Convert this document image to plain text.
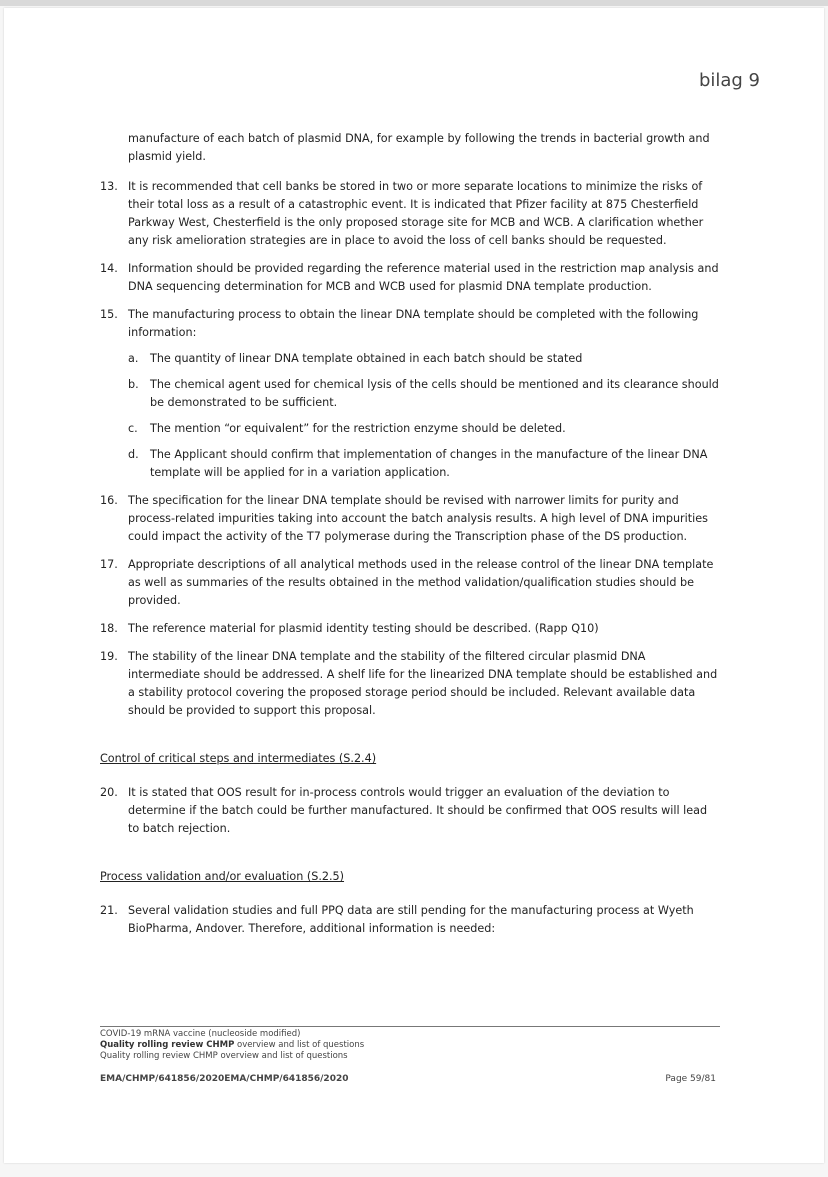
bilag 9

manufacture of each batch of plasmid DNA, for example by following the trends in bacterial growth and plasmid yield.

13. It is recommended that cell banks be stored in two or more separate locations to minimize the risks of their total loss as a result of a catastrophic event. It is indicated that Pfizer facility at 875 Chesterfield Parkway West, Chesterfield is the only proposed storage site for MCB and WCB. A clarification whether any risk amelioration strategies are in place to avoid the loss of cell banks should be requested.
14. Information should be provided regarding the reference material used in the restriction map analysis and DNA sequencing determination for MCB and WCB used for plasmid DNA template production.
15. The manufacturing process to obtain the linear DNA template should be completed with the following information:
a.	The quantity of linear DNA template obtained in each batch should be stated
b.	The chemical agent used for chemical lysis of the cells should be mentioned and its clearance should be demonstrated to be sufficient.
c.	The mention “or equivalent” for the restriction enzyme should be deleted.
d.	The Applicant should confirm that implementation of changes in the manufacture of the linear DNA template will be applied for in a variation application.
16. The specification for the linear DNA template should be revised with narrower limits for purity and process-related impurities taking into account the batch analysis results. A high level of DNA impurities could impact the activity of the T7 polymerase during the Transcription phase of the DS production.
17. Appropriate descriptions of all analytical methods used in the release control of the linear DNA template as well as summaries of the results obtained in the method validation/qualification studies should be provided.
18. The reference material for plasmid identity testing should be described. (Rapp Q10)
19. The stability of the linear DNA template and the stability of the filtered circular plasmid DNA intermediate should be addressed. A shelf life for the linearized DNA template should be established and a stability protocol covering the proposed storage period should be included. Relevant available data should be provided to support this proposal.

Control of critical steps and intermediates (S.2.4)

20. It is stated that OOS result for in-process controls would trigger an evaluation of the deviation to determine if the batch could be further manufactured. It should be confirmed that OOS results will lead to batch rejection.

Process validation and/or evaluation (S.2.5)

21. Several validation studies and full PPQ data are still pending for the manufacturing process at Wyeth BioPharma, Andover. Therefore, additional information is needed:
COVID-19 mRNA vaccine (nucleoside modified)
Quality rolling review CHMP overview and list of questions
Quality rolling review CHMP overview and list of questions
EMA/CHMP/641856/2020EMA/CHMP/641856/2020	Page 59/81
